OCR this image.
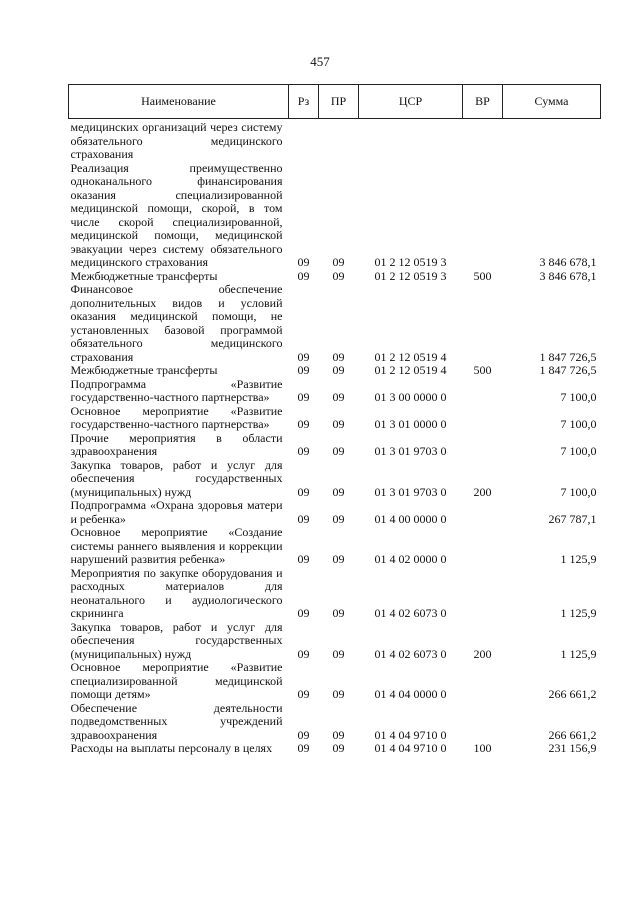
457
Наименование	Рз	ПР	ЦСР	ВР	Сумма
медицинских организаций через систему обязательного медицинского страхования					
Реализация преимущественно одноканального финансирования оказания специализированной медицинской помощи, скорой, в том числе скорой специализированной, медицинской помощи, медицинской эвакуации через систему обязательного медицинского страхования	09	09	01 2 12 0519 3		3 846 678,1
Межбюджетные трансферты	09	09	01 2 12 0519 3	500	3 846 678,1
Финансовое обеспечение дополнительных видов и условий оказания медицинской помощи, не установленных базовой программой обязательного медицинского страхования	09	09	01 2 12 0519 4		1 847 726,5
Межбюджетные трансферты	09	09	01 2 12 0519 4	500	1 847 726,5
Подпрограмма «Развитие государственно-частного партнерства»	09	09	01 3 00 0000 0		7 100,0
Основное мероприятие «Развитие государственно-частного партнерства»	09	09	01 3 01 0000 0		7 100,0
Прочие мероприятия в области здравоохранения	09	09	01 3 01 9703 0		7 100,0
Закупка товаров, работ и услуг для обеспечения государственных (муниципальных) нужд	09	09	01 3 01 9703 0	200	7 100,0
Подпрограмма «Охрана здоровья матери и ребенка»	09	09	01 4 00 0000 0		267 787,1
Основное мероприятие «Создание системы раннего выявления и коррекции нарушений развития ребенка»	09	09	01 4 02 0000 0		1 125,9
Мероприятия по закупке оборудования и расходных материалов для неонатального и аудиологического скрининга	09	09	01 4 02 6073 0		1 125,9
Закупка товаров, работ и услуг для обеспечения государственных (муниципальных) нужд	09	09	01 4 02 6073 0	200	1 125,9
Основное мероприятие «Развитие специализированной медицинской помощи детям»	09	09	01 4 04 0000 0		266 661,2
Обеспечение деятельности подведомственных учреждений здравоохранения	09	09	01 4 04 9710 0		266 661,2
Расходы на выплаты персоналу в целях	09	09	01 4 04 9710 0	100	231 156,9
